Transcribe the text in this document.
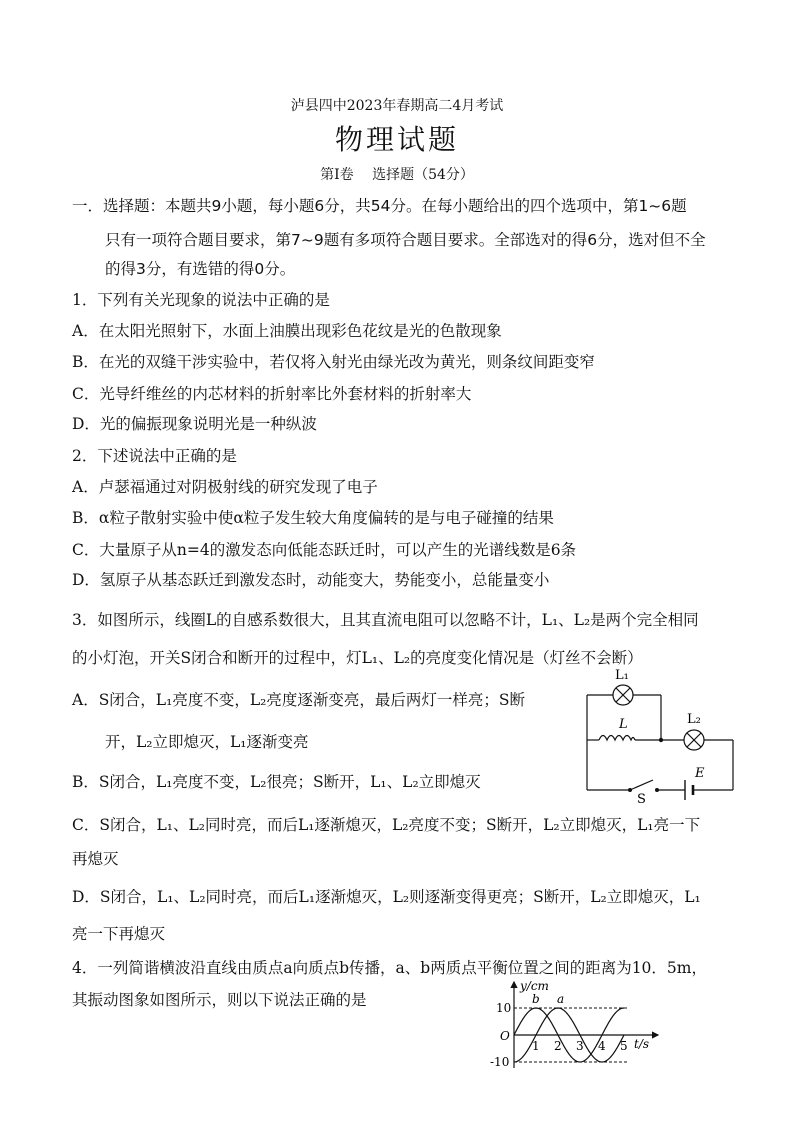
泸县四中2023年春期高二4月考试
物理试题
第Ⅰ卷　 选择题（54分）
一．选择题：本题共9小题，每小题6分，共54分。在每小题给出的四个选项中，第1~6题
只有一项符合题目要求，第7~9题有多项符合题目要求。全部选对的得6分，选对但不全
的得3分，有选错的得0分。
1．下列有关光现象的说法中正确的是
A．在太阳光照射下，水面上油膜出现彩色花纹是光的色散现象
B．在光的双缝干涉实验中，若仅将入射光由绿光改为黄光，则条纹间距变窄
C．光导纤维丝的内芯材料的折射率比外套材料的折射率大
D．光的偏振现象说明光是一种纵波
2．下述说法中正确的是
A．卢瑟福通过对阴极射线的研究发现了电子
B．α粒子散射实验中使α粒子发生较大角度偏转的是与电子碰撞的结果
C．大量原子从n=4的激发态向低能态跃迁时，可以产生的光谱线数是6条
D．氢原子从基态跃迁到激发态时，动能变大，势能变小，总能量变小
3．如图所示，线圈L的自感系数很大，且其直流电阻可以忽略不计，L₁、L₂是两个完全相同
的小灯泡，开关S闭合和断开的过程中，灯L₁、L₂的亮度变化情况是（灯丝不会断）
A．S闭合，L₁亮度不变，L₂亮度逐渐变亮，最后两灯一样亮；S断
开，L₂立即熄灭，L₁逐渐变亮
B．S闭合，L₁亮度不变，L₂很亮；S断开，L₁、L₂立即熄灭
C．S闭合，L₁、L₂同时亮，而后L₁逐渐熄灭，L₂亮度不变；S断开，L₂立即熄灭，L₁亮一下
再熄灭
D．S闭合，L₁、L₂同时亮，而后L₁逐渐熄灭，L₂则逐渐变得更亮；S断开，L₂立即熄灭，L₁
亮一下再熄灭
L₁
L	L₂
E
S
4．一列简谐横波沿直线由质点a向质点b传播，a、b两质点平衡位置之间的距离为10．5m，
其振动图象如图所示，则以下说法正确的是	10
-10
O
y/cm
t/s
b a
1 2 3 4 5
